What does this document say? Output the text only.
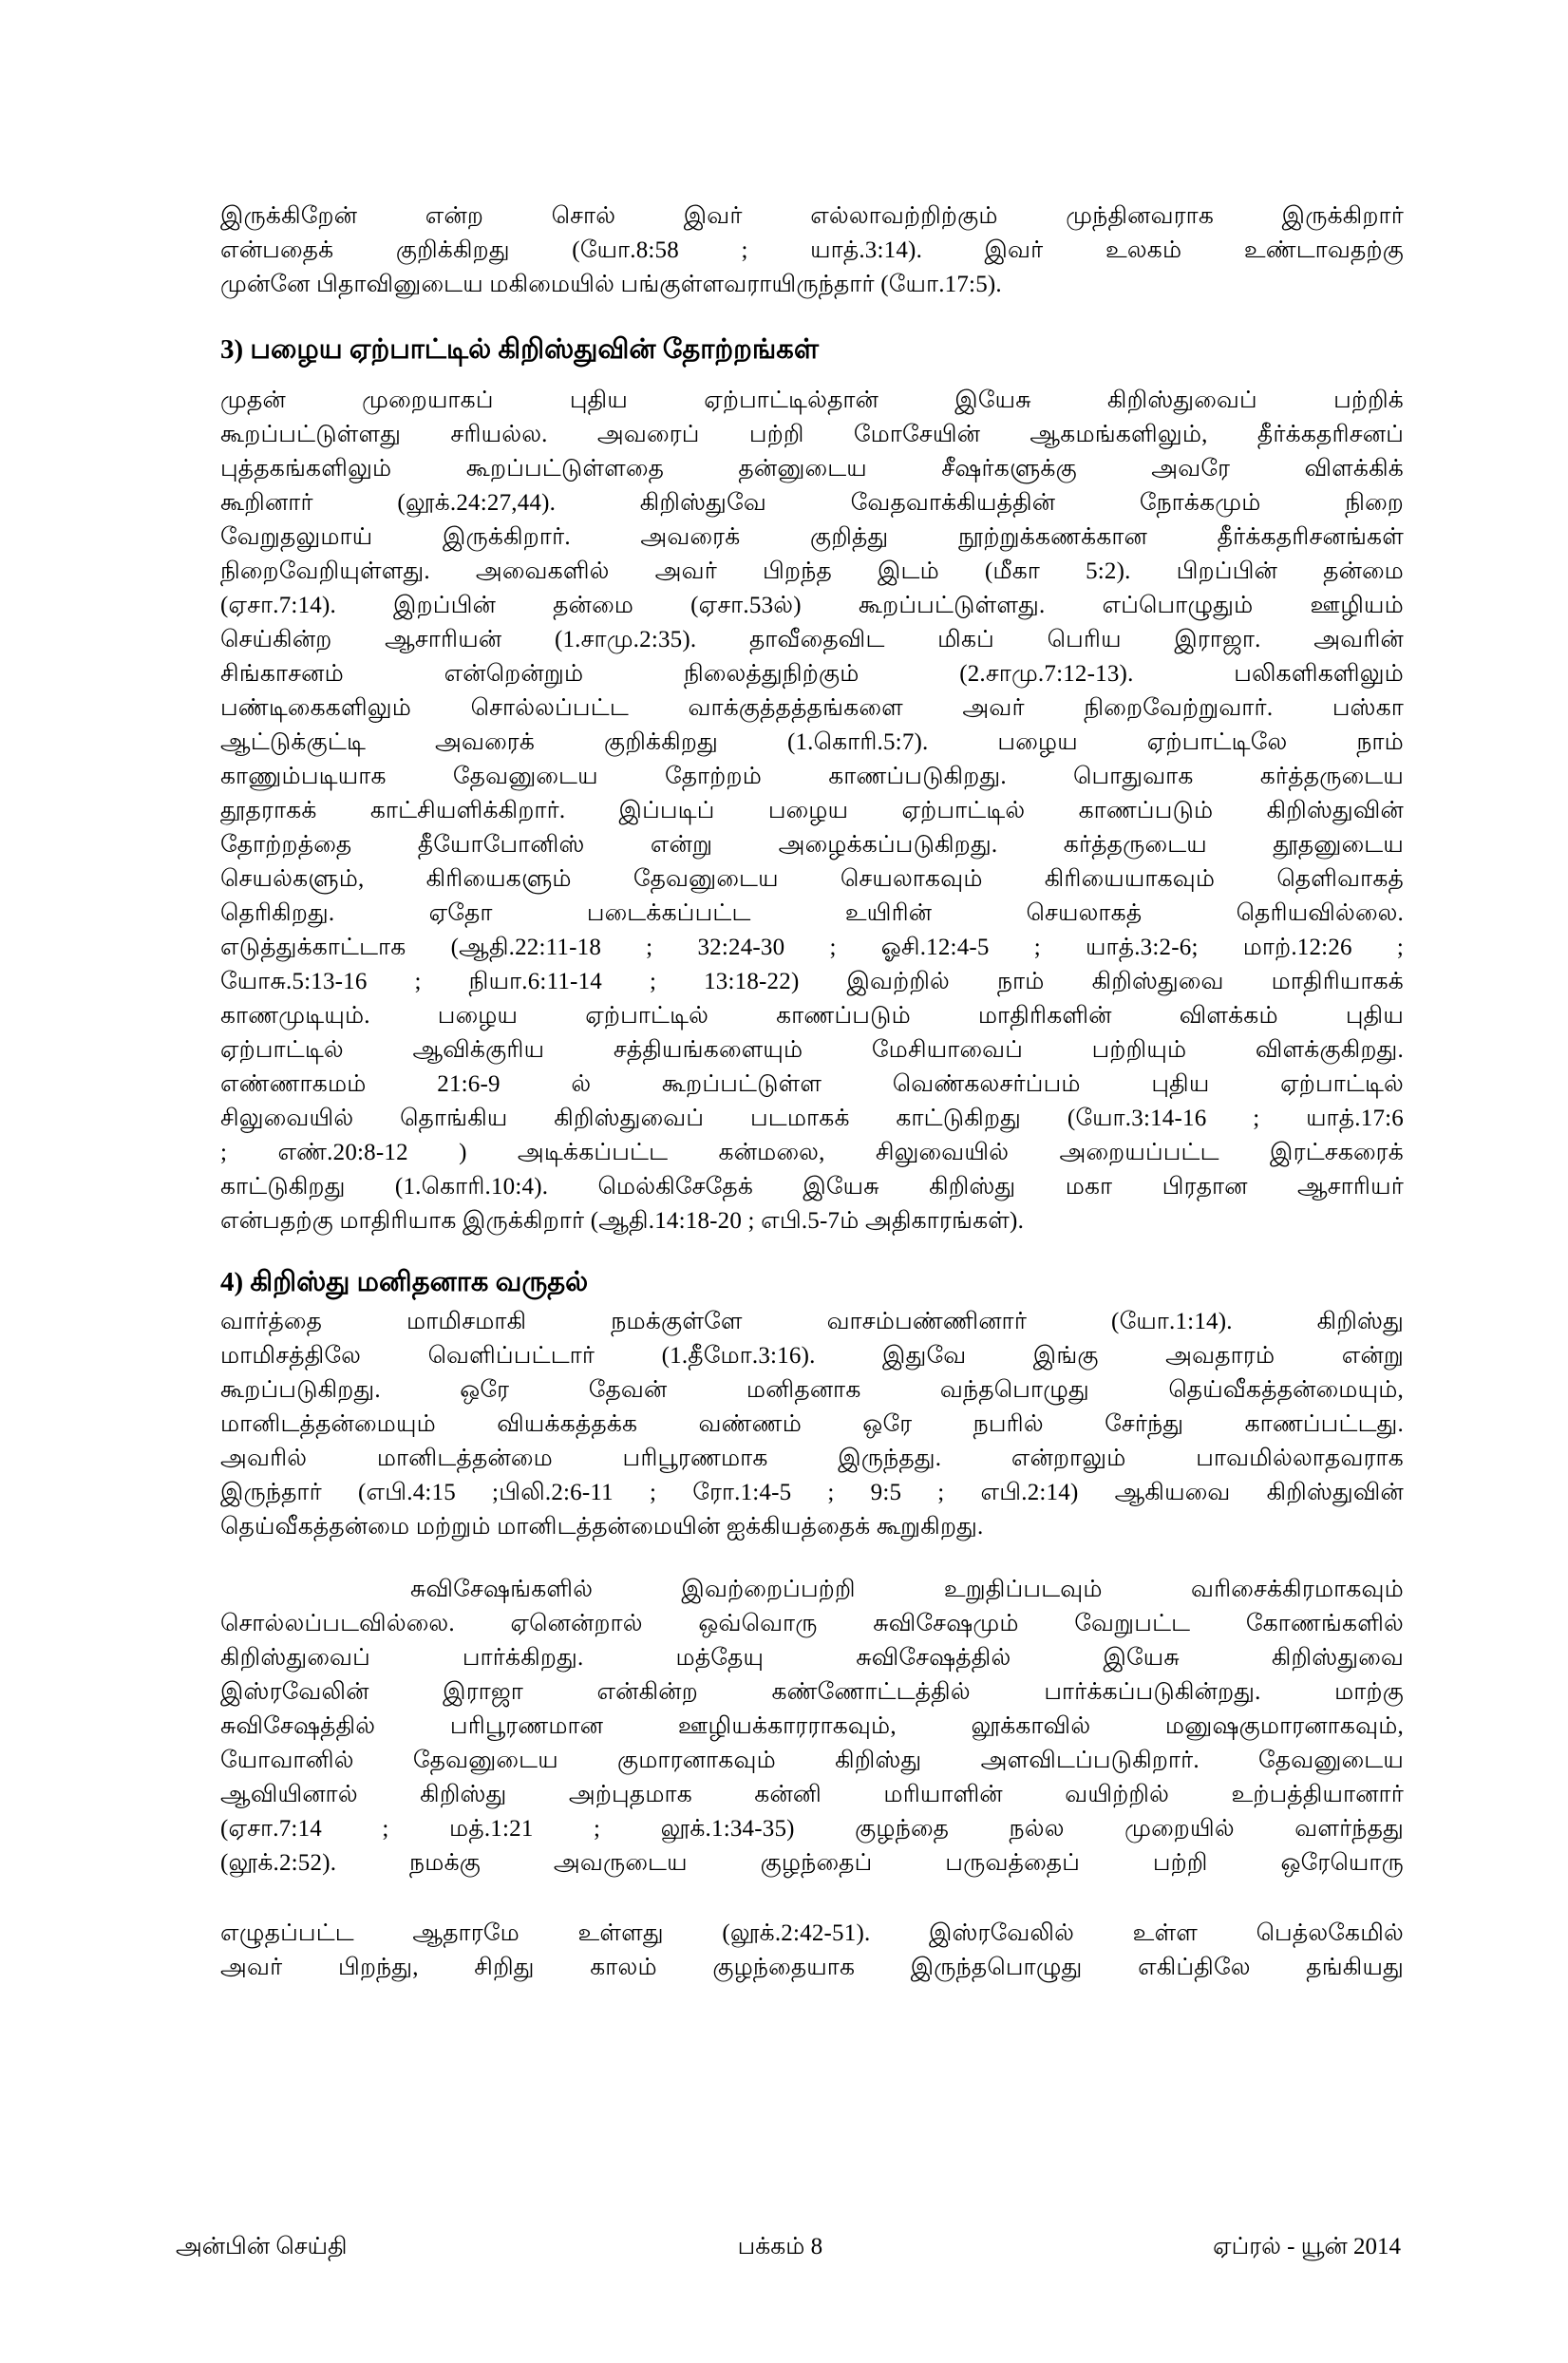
இருக்கிறேன் என்ற சொல் இவர் எல்லாவற்றிற்கும் முந்தினவராக இருக்கிறார்
என்பதைக் குறிக்கிறது (யோ.8:58 ; யாத்.3:14). இவர் உலகம் உண்டாவதற்கு
முன்னே பிதாவினுடைய மகிமையில் பங்குள்ளவராயிருந்தார் (யோ.17:5).
3) பழைய ஏற்பாட்டில் கிறிஸ்துவின் தோற்றங்கள்
முதன் முறையாகப் புதிய ஏற்பாட்டில்தான் இயேசு கிறிஸ்துவைப் பற்றிக்
கூறப்பட்டுள்ளது சரியல்ல. அவரைப் பற்றி மோசேயின் ஆகமங்களிலும், தீர்க்கதரிசனப்
புத்தகங்களிலும் கூறப்பட்டுள்ளதை தன்னுடைய சீஷர்களுக்கு அவரே விளக்கிக்
கூறினார் (லூக்.24:27,44). கிறிஸ்துவே வேதவாக்கியத்தின் நோக்கமும் நிறை
வேறுதலுமாய் இருக்கிறார். அவரைக் குறித்து நூற்றுக்கணக்கான தீர்க்கதரிசனங்கள்
நிறைவேறியுள்ளது. அவைகளில் அவர் பிறந்த இடம் (மீகா 5:2). பிறப்பின் தன்மை
(ஏசா.7:14). இறப்பின் தன்மை (ஏசா.53ல்) கூறப்பட்டுள்ளது. எப்பொழுதும் ஊழியம்
செய்கின்ற ஆசாரியன் (1.சாமு.2:35). தாவீதைவிட மிகப் பெரிய இராஜா. அவரின்
சிங்காசனம் என்றென்றும் நிலைத்துநிற்கும் (2.சாமு.7:12-13). பலிகளிகளிலும்
பண்டிகைகளிலும் சொல்லப்பட்ட வாக்குத்தத்தங்களை அவர் நிறைவேற்றுவார். பஸ்கா
ஆட்டுக்குட்டி அவரைக் குறிக்கிறது (1.கொரி.5:7). பழைய ஏற்பாட்டிலே நாம்
காணும்படியாக தேவனுடைய தோற்றம் காணப்படுகிறது. பொதுவாக கர்த்தருடைய
தூதராகக் காட்சியளிக்கிறார். இப்படிப் பழைய ஏற்பாட்டில் காணப்படும் கிறிஸ்துவின்
தோற்றத்தை தீயோபோனிஸ் என்று அழைக்கப்படுகிறது. கர்த்தருடைய தூதனுடைய
செயல்களும், கிரியைகளும் தேவனுடைய செயலாகவும் கிரியையாகவும் தெளிவாகத்
தெரிகிறது. ஏதோ படைக்கப்பட்ட உயிரின் செயலாகத் தெரியவில்லை.
எடுத்துக்காட்டாக (ஆதி.22:11-18 ; 32:24-30 ; ஓசி.12:4-5 ; யாத்.3:2-6; மாற்.12:26 ;
யோசு.5:13-16 ; நியா.6:11-14 ; 13:18-22) இவற்றில் நாம் கிறிஸ்துவை மாதிரியாகக்
காணமுடியும். பழைய ஏற்பாட்டில் காணப்படும் மாதிரிகளின் விளக்கம் புதிய
ஏற்பாட்டில் ஆவிக்குரிய சத்தியங்களையும் மேசியாவைப் பற்றியும் விளக்குகிறது.
எண்ணாகமம் 21:6-9 ல் கூறப்பட்டுள்ள வெண்கலசர்ப்பம் புதிய ஏற்பாட்டில்
சிலுவையில் தொங்கிய கிறிஸ்துவைப் படமாகக் காட்டுகிறது (யோ.3:14-16 ; யாத்.17:6
; எண்.20:8-12 ) அடிக்கப்பட்ட கன்மலை, சிலுவையில் அறையப்பட்ட இரட்சகரைக்
காட்டுகிறது (1.கொரி.10:4). மெல்கிசேதேக் இயேசு கிறிஸ்து மகா பிரதான ஆசாரியர்
என்பதற்கு மாதிரியாக இருக்கிறார் (ஆதி.14:18-20 ; எபி.5-7ம் அதிகாரங்கள்).
4) கிறிஸ்து மனிதனாக வருதல்
வார்த்தை மாமிசமாகி நமக்குள்ளே வாசம்பண்ணினார் (யோ.1:14). கிறிஸ்து
மாமிசத்திலே வெளிப்பட்டார் (1.தீமோ.3:16). இதுவே இங்கு அவதாரம் என்று
கூறப்படுகிறது. ஒரே தேவன் மனிதனாக வந்தபொழுது தெய்வீகத்தன்மையும்,
மானிடத்தன்மையும் வியக்கத்தக்க வண்ணம் ஒரே நபரில் சேர்ந்து காணப்பட்டது.
அவரில் மானிடத்தன்மை பரிபூரணமாக இருந்தது. என்றாலும் பாவமில்லாதவராக
இருந்தார் (எபி.4:15 ;பிலி.2:6-11 ; ரோ.1:4-5 ; 9:5 ; எபி.2:14) ஆகியவை கிறிஸ்துவின்
தெய்வீகத்தன்மை மற்றும் மானிடத்தன்மையின் ஐக்கியத்தைக் கூறுகிறது.
சுவிசேஷங்களில் இவற்றைப்பற்றி உறுதிப்படவும் வரிசைக்கிரமாகவும்
சொல்லப்படவில்லை. ஏனென்றால் ஒவ்வொரு சுவிசேஷமும் வேறுபட்ட கோணங்களில்
கிறிஸ்துவைப் பார்க்கிறது. மத்தேயு சுவிசேஷத்தில் இயேசு கிறிஸ்துவை
இஸ்ரவேலின் இராஜா என்கின்ற கண்ணோட்டத்தில் பார்க்கப்படுகின்றது. மாற்கு
சுவிசேஷத்தில் பரிபூரணமான ஊழியக்காரராகவும், லூக்காவில் மனுஷகுமாரனாகவும்,
யோவானில் தேவனுடைய குமாரனாகவும் கிறிஸ்து அளவிடப்படுகிறார். தேவனுடைய
ஆவியினால் கிறிஸ்து அற்புதமாக கன்னி மரியாளின் வயிற்றில் உற்பத்தியானார்
(ஏசா.7:14 ; மத்.1:21 ; லூக்.1:34-35) குழந்தை நல்ல முறையில் வளர்ந்தது
(லூக்.2:52). நமக்கு அவருடைய குழந்தைப் பருவத்தைப் பற்றி ஒரேயொரு
எழுதப்பட்ட ஆதாரமே உள்ளது (லூக்.2:42-51). இஸ்ரவேலில் உள்ள பெத்லகேமில்
அவர் பிறந்து, சிறிது காலம் குழந்தையாக இருந்தபொழுது எகிப்திலே தங்கியது
அன்பின் செய்தி	பக்கம் 8	ஏப்ரல் - யூன் 2014
